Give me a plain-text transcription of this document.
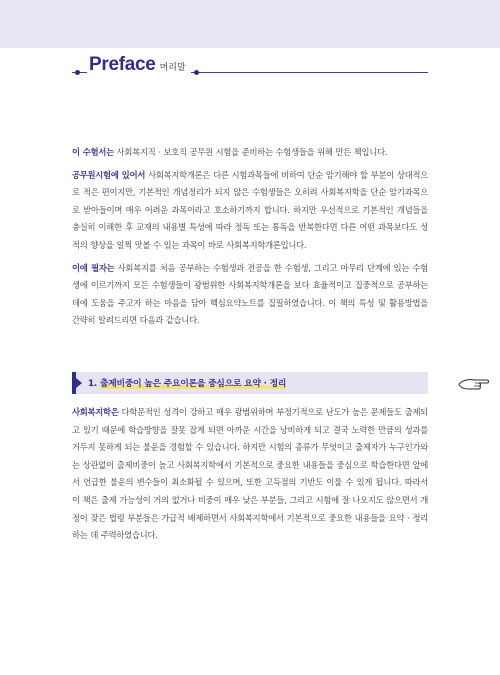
Preface 머리말

이 수험서는 사회복지직 · 보호직 공무원 시험을 준비하는 수험생들을 위해 만든 책입니다.

공무원시험에 있어서 사회복지학개론은 다른 시험과목들에 비하여 단순 암기해야 할 부분이 상대적으로 적은 편이지만, 기본적인 개념정리가 되지 않은 수험생들은 오히려 사회복지학을 단순 암기과목으로 받아들이며 매우 어려운 과목이라고 호소하기까지 합니다. 하지만 우선적으로 기본적인 개념들을 충실히 이해한 후 교재의 내용별 특성에 따라 정독 또는 통독을 반복한다면 다른 어떤 과목보다도 성적의 향상을 일찍 맛볼 수 있는 과목이 바로 사회복지학개론입니다.

이에 필자는 사회복지를 처음 공부하는 수험생과 전공을 한 수험생, 그리고 마무리 단계에 있는 수험생에 이르기까지 모든 수험생들이 광범위한 사회복지학개론을 보다 효율적이고 집중적으로 공부하는 데에 도움을 주고자 하는 마음을 담아 핵심요약노트를 집필하였습니다. 이 책의 특성 및 활용방법을 간략히 알려드리면 다음과 같습니다.

1. 출제비중이 높은 주요이론을 중심으로 요약 · 정리

사회복지학은 다학문적인 성격이 강하고 매우 광범위하며 부정기적으로 난도가 높은 문제들도 출제되고 있기 때문에 학습방향을 잘못 잡게 되면 아까운 시간을 낭비하게 되고 결국 노력한 만큼의 성과를 거두지 못하게 되는 불운을 경험할 수 있습니다. 하지만 시험의 종류가 무엇이고 출제자가 누구인가와는 상관없이 출제비중이 높고 사회복지학에서 기본적으로 중요한 내용들을 중심으로 학습한다면 앞에서 언급한 불운의 변수들이 최소화될 수 있으며, 또한 고득점의 기반도 이룰 수 있게 됩니다. 따라서 이 책은 출제 가능성이 거의 없거나 비중이 매우 낮은 부분들, 그리고 시험에 잘 나오지도 않으면서 개정이 잦은 법령 부분들은 가급적 배제하면서 사회복지학에서 기본적으로 중요한 내용들을 요약 · 정리하는 데 주력하였습니다.
